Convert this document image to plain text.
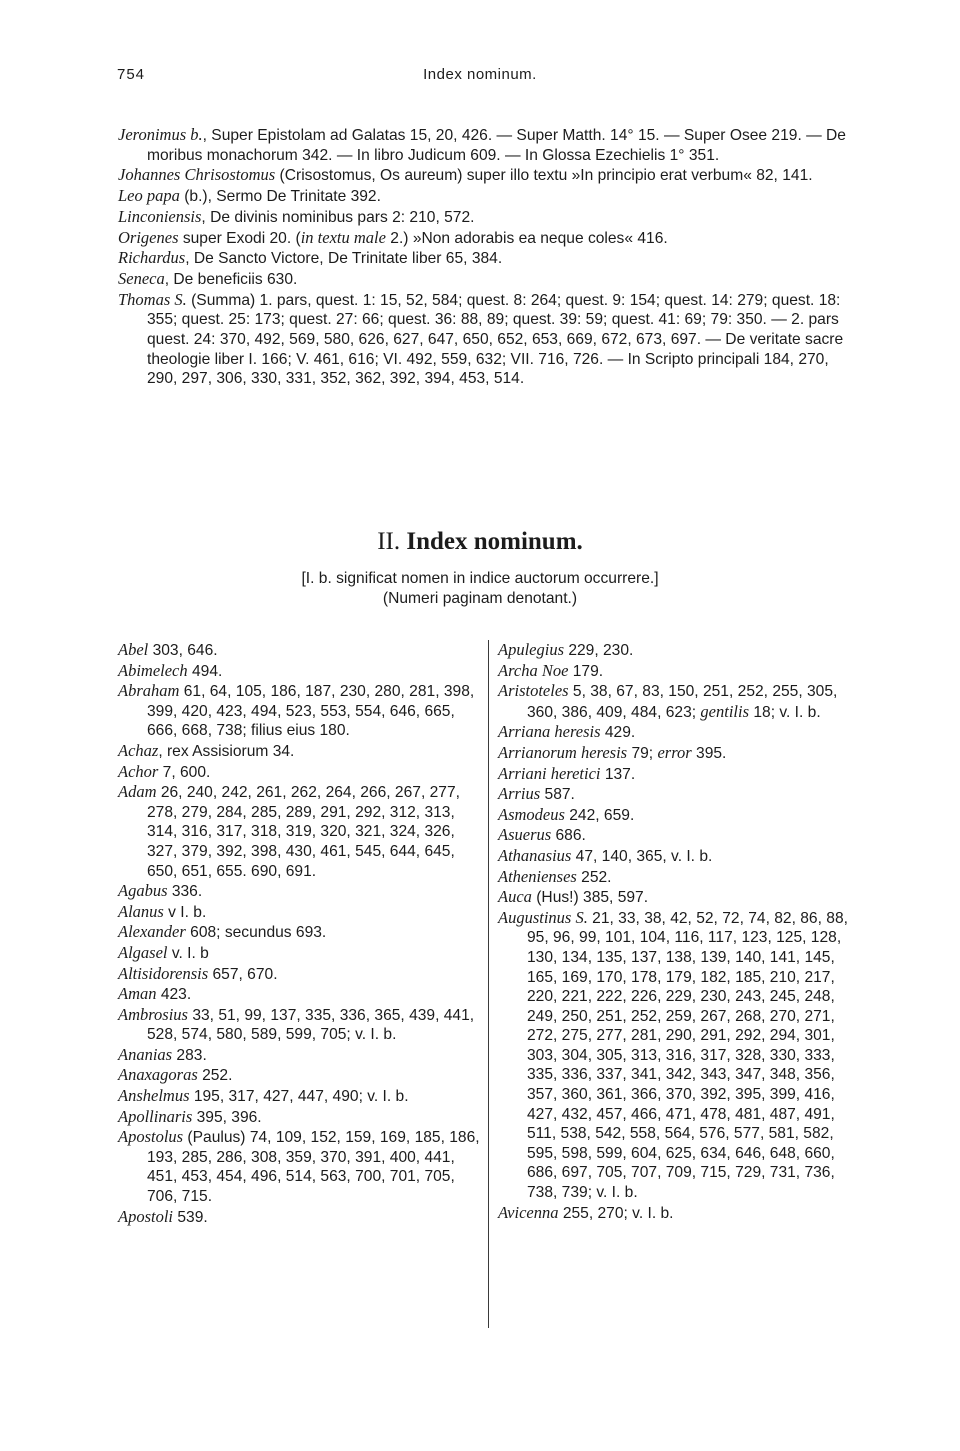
754	Index nominum.

Jeronimus b., Super Epistolam ad Galatas 15, 20, 426. — Super Matth. 14° 15. — Super Osee 219. — De moribus monachorum 342. — In libro Judicum 609. — In Glossa Ezechielis 1° 351.

Johannes Chrisostomus (Crisostomus, Os aureum) super illo textu »In principio erat verbum« 82, 141.

Leo papa (b.), Sermo De Trinitate 392.

Linconiensis, De divinis nominibus pars 2: 210, 572.

Origenes super Exodi 20. (in textu male 2.) »Non adorabis ea neque coles« 416.

Richardus, De Sancto Victore, De Trinitate liber 65, 384.

Seneca, De beneficiis 630.

Thomas S. (Summa) 1. pars, quest. 1: 15, 52, 584; quest. 8: 264; quest. 9: 154; quest. 14: 279; quest. 18: 355; quest. 25: 173; quest. 27: 66; quest. 36: 88, 89; quest. 39: 59; quest. 41: 69; 79: 350. — 2. pars quest. 24: 370, 492, 569, 580, 626, 627, 647, 650, 652, 653, 669, 672, 673, 697. — De veritate sacre theologie liber I. 166; V. 461, 616; VI. 492, 559, 632; VII. 716, 726. — In Scripto principali 184, 270, 290, 297, 306, 330, 331, 352, 362, 392, 394, 453, 514.

II. Index nominum.
[I. b. significat nomen in indice auctorum occurrere.]
(Numeri paginam denotant.)

Abel 303, 646.

Abimelech 494.

Abraham 61, 64, 105, 186, 187, 230, 280, 281, 398, 399, 420, 423, 494, 523, 553, 554, 646, 665, 666, 668, 738; filius eius 180.

Achaz, rex Assisiorum 34.

Achor 7, 600.

Adam 26, 240, 242, 261, 262, 264, 266, 267, 277, 278, 279, 284, 285, 289, 291, 292, 312, 313, 314, 316, 317, 318, 319, 320, 321, 324, 326, 327, 379, 392, 398, 430, 461, 545, 644, 645, 650, 651, 655. 690, 691.

Agabus 336.

Alanus v I. b.

Alexander 608; secundus 693.

Algasel v. I. b

Altisidorensis 657, 670.

Aman 423.

Ambrosius 33, 51, 99, 137, 335, 336, 365, 439, 441, 528, 574, 580, 589, 599, 705; v. I. b.

Ananias 283.

Anaxagoras 252.

Anshelmus 195, 317, 427, 447, 490; v. I. b.

Apollinaris 395, 396.

Apostolus (Paulus) 74, 109, 152, 159, 169, 185, 186, 193, 285, 286, 308, 359, 370, 391, 400, 441, 451, 453, 454, 496, 514, 563, 700, 701, 705, 706, 715.

Apostoli 539.

Apulegius 229, 230.

Archa Noe 179.

Aristoteles 5, 38, 67, 83, 150, 251, 252, 255, 305, 360, 386, 409, 484, 623; gentilis 18; v. I. b.

Arriana heresis 429.

Arrianorum heresis 79; error 395.

Arriani heretici 137.

Arrius 587.

Asmodeus 242, 659.

Asuerus 686.

Athanasius 47, 140, 365, v. I. b.

Athenienses 252.

Auca (Hus!) 385, 597.

Augustinus S. 21, 33, 38, 42, 52, 72, 74, 82, 86, 88, 95, 96, 99, 101, 104, 116, 117, 123, 125, 128, 130, 134, 135, 137, 138, 139, 140, 141, 145, 165, 169, 170, 178, 179, 182, 185, 210, 217, 220, 221, 222, 226, 229, 230, 243, 245, 248, 249, 250, 251, 252, 259, 267, 268, 270, 271, 272, 275, 277, 281, 290, 291, 292, 294, 301, 303, 304, 305, 313, 316, 317, 328, 330, 333, 335, 336, 337, 341, 342, 343, 347, 348, 356, 357, 360, 361, 366, 370, 392, 395, 399, 416, 427, 432, 457, 466, 471, 478, 481, 487, 491, 511, 538, 542, 558, 564, 576, 577, 581, 582, 595, 598, 599, 604, 625, 634, 646, 648, 660, 686, 697, 705, 707, 709, 715, 729, 731, 736, 738, 739; v. I. b.

Avicenna 255, 270; v. I. b.
